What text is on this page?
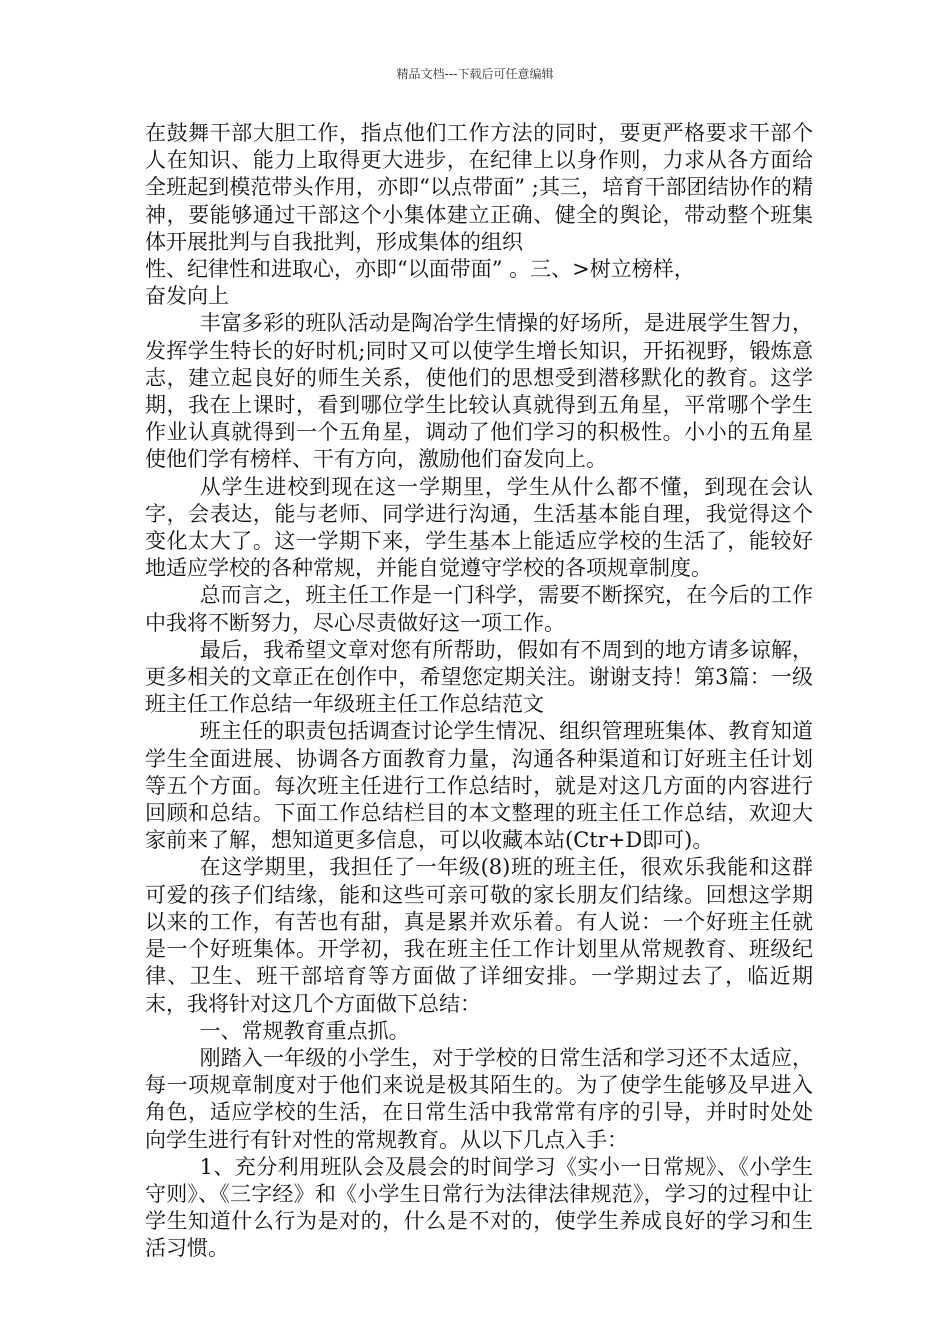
精品文档---下载后可任意编辑

在鼓舞干部大胆工作，指点他们工作方法的同时，要更严格要求干部个人在知识、能力上取得更大进步，在纪律上以身作则，力求从各方面给全班起到模范带头作用，亦即“以点带面” ;其三，培育干部团结协作的精神，要能够通过干部这个小集体建立正确、健全的舆论，带动整个班集体开展批判与自我批判，形成集体的组织

性、纪律性和进取心，亦即“以面带面” 。三、>树立榜样，

奋发向上

丰富多彩的班队活动是陶冶学生情操的好场所，是进展学生智力，发挥学生特长的好时机;同时又可以使学生增长知识，开拓视野，锻炼意志，建立起良好的师生关系，使他们的思想受到潜移默化的教育。这学期，我在上课时，看到哪位学生比较认真就得到五角星，平常哪个学生作业认真就得到一个五角星，调动了他们学习的积极性。小小的五角星使他们学有榜样、干有方向，激励他们奋发向上。

从学生进校到现在这一学期里，学生从什么都不懂，到现在会认字，会表达，能与老师、同学进行沟通，生活基本能自理，我觉得这个变化太大了。这一学期下来，学生基本上能适应学校的生活了，能较好地适应学校的各种常规，并能自觉遵守学校的各项规章制度。

总而言之，班主任工作是一门科学，需要不断探究，在今后的工作中我将不断努力，尽心尽责做好这一项工作。

最后，我希望文章对您有所帮助，假如有不周到的地方请多谅解，更多相关的文章正在创作中，希望您定期关注。谢谢支持！第3篇：一级班主任工作总结一年级班主任工作总结范文

班主任的职责包括调查讨论学生情况、组织管理班集体、教育知道学生全面进展、协调各方面教育力量，沟通各种渠道和订好班主任计划等五个方面。每次班主任进行工作总结时，就是对这几方面的内容进行回顾和总结。下面工作总结栏目的本文整理的班主任工作总结，欢迎大家前来了解，想知道更多信息，可以收藏本站(Ctr+D即可)。

在这学期里，我担任了一年级(8)班的班主任，很欢乐我能和这群可爱的孩子们结缘，能和这些可亲可敬的家长朋友们结缘。回想这学期以来的工作，有苦也有甜，真是累并欢乐着。有人说：一个好班主任就是一个好班集体。开学初，我在班主任工作计划里从常规教育、班级纪律、卫生、班干部培育等方面做了详细安排。一学期过去了，临近期末，我将针对这几个方面做下总结：

一、常规教育重点抓。

刚踏入一年级的小学生，对于学校的日常生活和学习还不太适应，每一项规章制度对于他们来说是极其陌生的。为了使学生能够及早进入角色，适应学校的生活，在日常生活中我常常有序的引导，并时时处处向学生进行有针对性的常规教育。从以下几点入手：

1、充分利用班队会及晨会的时间学习《实小一日常规》、《小学生守则》、《三字经》和《小学生日常行为法律法律规范》，学习的过程中让学生知道什么行为是对的，什么是不对的，使学生养成良好的学习和生活习惯。
